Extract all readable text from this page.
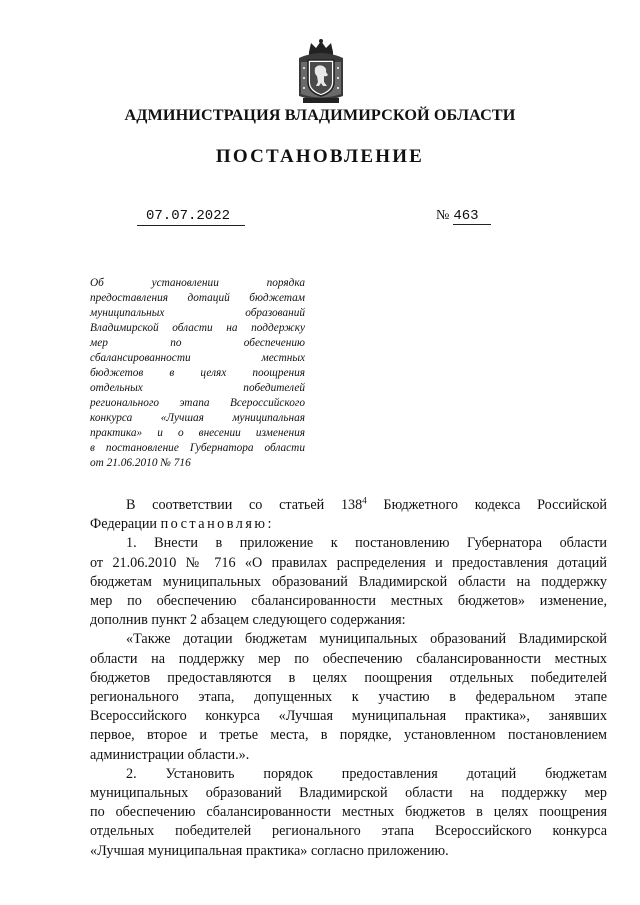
АДМИНИСТРАЦИЯ ВЛАДИМИРСКОЙ ОБЛАСТИ
ПОСТАНОВЛЕНИЕ
07.07.2022	№ 463
Об установлении порядка
предоставления дотаций бюджетам
муниципальных образований
Владимирской области на поддержку
мер по обеспечению
сбалансированности местных
бюджетов в целях поощрения
отдельных победителей
регионального этапа Всероссийского
конкурса «Лучшая муниципальная
практика» и о внесении изменения
в постановление Губернатора области
от 21.06.2010 № 716
В соответствии со статьей $138^4$ Бюджетного кодекса Российской
Федерации постановляю:
1. Внести в приложение к постановлению Губернатора области
от 21.06.2010 № 716 «О правилах распределения и предоставления дотаций
бюджетам муниципальных образований Владимирской области на поддержку
мер по обеспечению сбалансированности местных бюджетов» изменение,
дополнив пункт 2 абзацем следующего содержания:
«Также дотации бюджетам муниципальных образований Владимирской
области на поддержку мер по обеспечению сбалансированности местных
бюджетов предоставляются в целях поощрения отдельных победителей
регионального этапа, допущенных к участию в федеральном этапе
Всероссийского конкурса «Лучшая муниципальная практика», занявших
первое, второе и третье места, в порядке, установленном постановлением
администрации области.».
2. Установить порядок предоставления дотаций бюджетам
муниципальных образований Владимирской области на поддержку мер
по обеспечению сбалансированности местных бюджетов в целях поощрения
отдельных победителей регионального этапа Всероссийского конкурса
«Лучшая муниципальная практика» согласно приложению.
